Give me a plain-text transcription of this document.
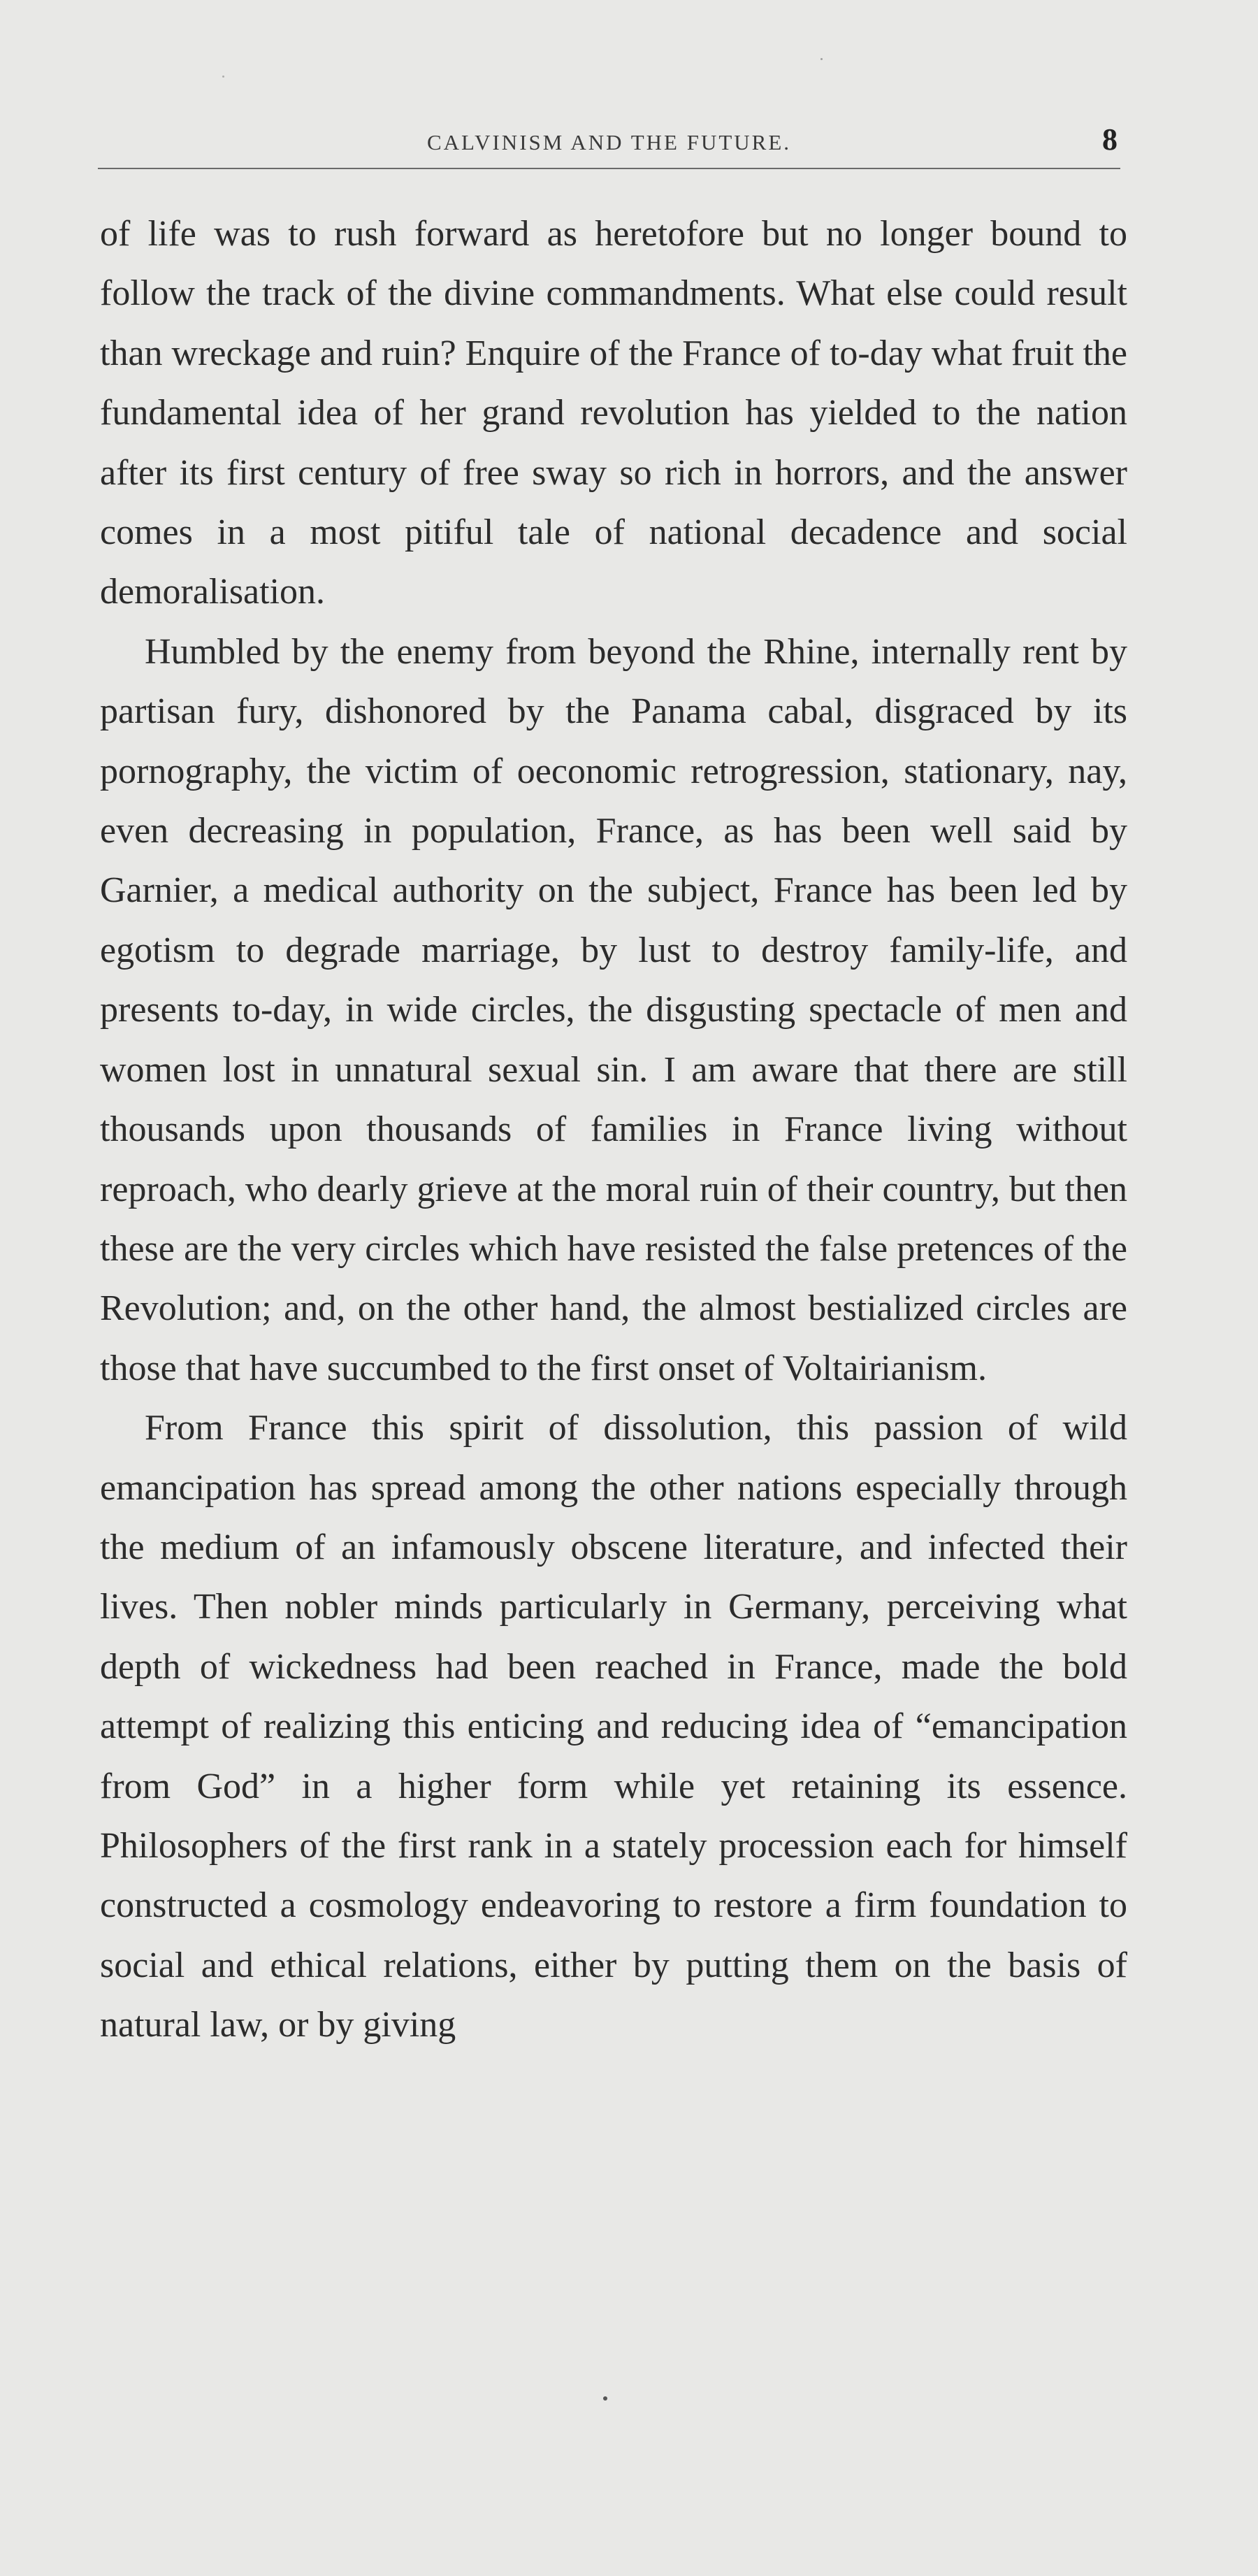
CALVINISM AND THE FUTURE.	8

of life was to rush forward as heretofore but no longer bound to follow the track of the divine commandments. What else could result than wreckage and ruin? Enquire of the France of to-day what fruit the fundamental idea of her grand revolution has yielded to the nation after its first century of free sway so rich in horrors, and the answer comes in a most pitiful tale of national decadence and social demoralisation.

Humbled by the enemy from beyond the Rhine, internally rent by partisan fury, dishonored by the Panama cabal, disgraced by its pornography, the victim of oeconomic retrogression, stationary, nay, even decreasing in population, France, as has been well said by Garnier, a medical authority on the subject, France has been led by egotism to degrade marriage, by lust to destroy family-life, and presents to-day, in wide circles, the disgusting spectacle of men and women lost in unnatural sexual sin. I am aware that there are still thousands upon thousands of families in France living without reproach, who dearly grieve at the moral ruin of their country, but then these are the very circles which have resisted the false pretences of the Revolution; and, on the other hand, the almost bestialized circles are those that have succumbed to the first onset of Voltairianism.

From France this spirit of dissolution, this passion of wild emancipation has spread among the other nations especially through the medium of an infamously obscene literature, and infected their lives. Then nobler minds particularly in Germany, perceiving what depth of wickedness had been reached in France, made the bold attempt of realizing this enticing and reducing idea of “emancipation from God” in a higher form while yet retaining its essence. Philosophers of the first rank in a stately procession each for himself constructed a cosmology endeavoring to restore a firm foundation to social and ethical relations, either by putting them on the basis of natural law, or by giving
